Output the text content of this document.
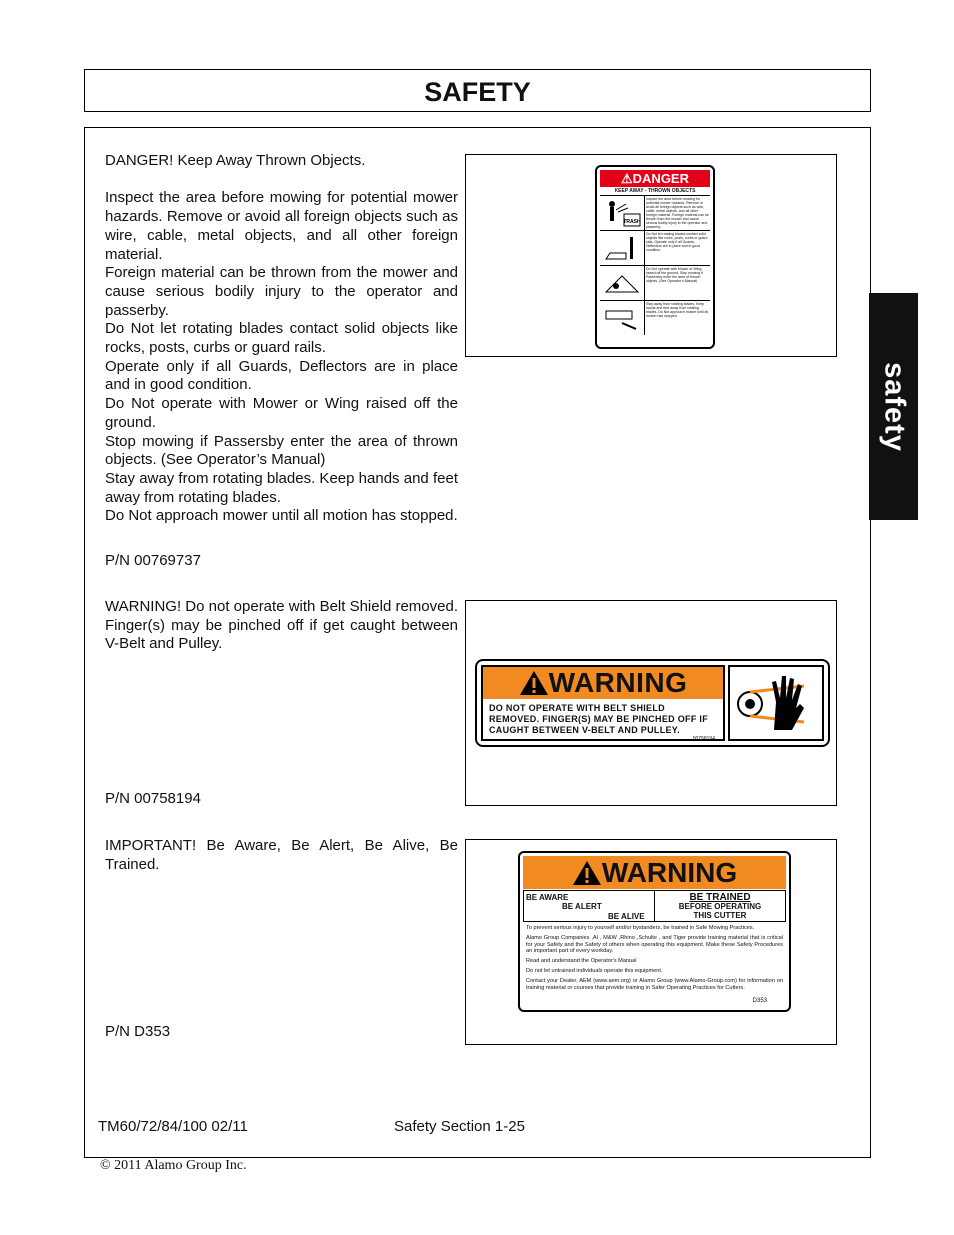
SAFETY
safety

DANGER! Keep Away Thrown Objects.

Inspect the area before mowing for potential mower hazards. Remove or avoid all foreign objects such as wire, cable, metal objects, and all other foreign material.

Foreign material can be thrown from the mower and cause serious bodily injury to the operator and passerby.

Do Not let rotating blades contact solid objects like rocks, posts, curbs or guard rails.

Operate only if all Guards, Deflectors are in place and in good condition.

Do Not operate with Mower or Wing raised off the ground.

Stop mowing if Passersby enter the area of thrown objects. (See Operator’s Manual)

Stay away from rotating blades. Keep hands and feet away from rotating blades.

Do Not approach mower until all motion has stopped.

P/N 00769737
⚠DANGER
KEEP AWAY - THROWN OBJECTS
TRASH
Inspect the area before mowing for potential mower hazards. Remove or avoid all foreign objects such as wire, cable, metal objects, and all other foreign material. Foreign material can be thrown from the mower and cause serious bodily injury to the operator and passerby.
Do Not let rotating blades contact solid objects like rocks, posts, curbs or guard rails. Operate only if all Guards, Deflectors are in place and in good condition.
Do Not operate with Mower or Wing raised off the ground. Stop mowing if Passersby enter the area of thrown objects. (See Operator's Manual)
Stay away from rotating blades. Keep hands and feet away from rotating blades. Do Not approach mower until all motion has stopped.

WARNING! Do not operate with Belt Shield removed. Finger(s) may be pinched off if get caught between V-Belt and Pulley.

P/N 00758194
WARNING
DO NOT OPERATE WITH BELT SHIELD REMOVED. FINGER(S) MAY BE PINCHED OFF IF CAUGHT BETWEEN V-BELT AND PULLEY.
00758194

IMPORTANT! Be Aware, Be Alert, Be Alive, Be Trained.

P/N D353
WARNING
BE AWARE
BE ALERT
BE ALIVE
BE TRAINED
BEFORE OPERATING
THIS CUTTER

To prevent serious injury to yourself and/or bystanders, be trained in Safe Mowing Practices.

Alamo Group Companies ,Al , M&W ,Rhino ,Schulte , and Tiger provide training material that is critical for your Safety and the Safety of others when operating this equipment. Make these Safety Procedures an important part of every workday.

Read and understand the Operator's Manual

Do not let untrained individuals operate this equipment.

Contact your Dealer, AEM (www.aem.org) or Alamo Group (www.Alamo-Group.com) for information on training material or courses that provide training in Safer Operating Practices for Cutters.

D353
TM60/72/84/100 02/11	Safety Section 1-25
© 2011 Alamo Group Inc.
